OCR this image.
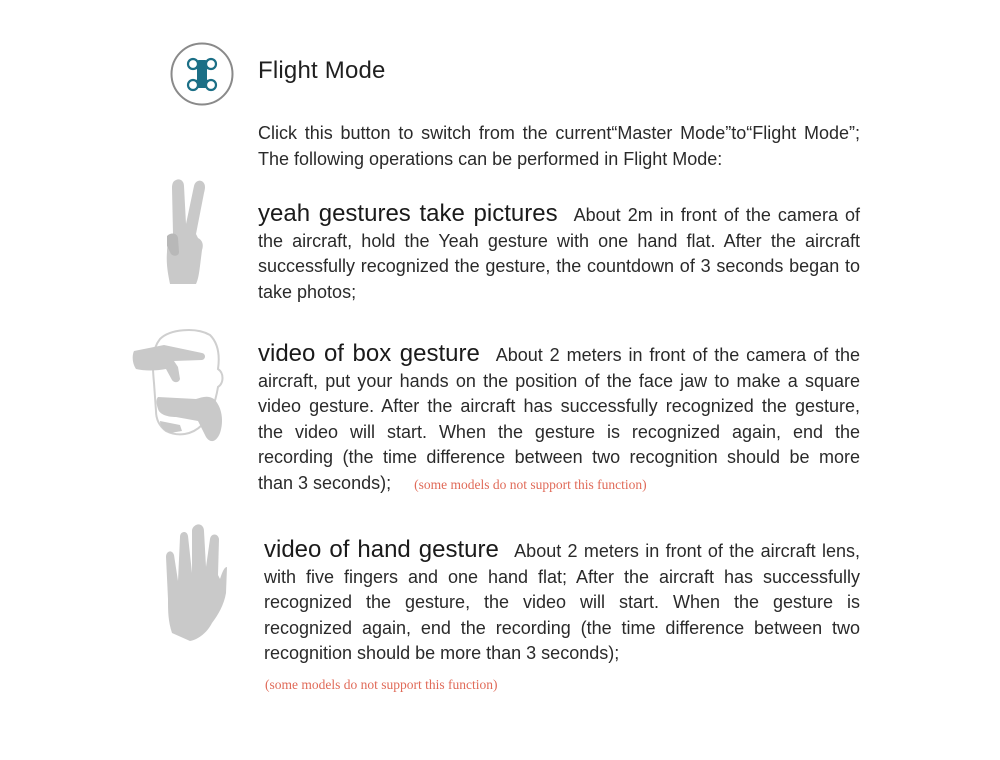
Flight Mode
Click this button to switch from the current“Master Mode”to“Flight Mode”; The following operations can be performed in Flight Mode:
yeah gestures take pictures About 2m in front of the camera of the aircraft, hold the Yeah gesture with one hand flat. After the aircraft successfully recognized the gesture, the countdown of 3 seconds began to take photos;
video of box gesture About 2 meters in front of the camera of the aircraft, put your hands on the position of the face jaw to make a square video gesture. After the aircraft has successfully recognized the gesture, the video will start. When the gesture is recognized again, end the recording (the time difference between two recognition should be more than 3 seconds); (some models do not support this function)
video of hand gesture About 2 meters in front of the aircraft lens, with five fingers and one hand flat; After the aircraft has successfully recognized the gesture, the video will start. When the gesture is recognized again, end the recording (the time difference between two recognition should be more than 3 seconds);
(some models do not support this function)
